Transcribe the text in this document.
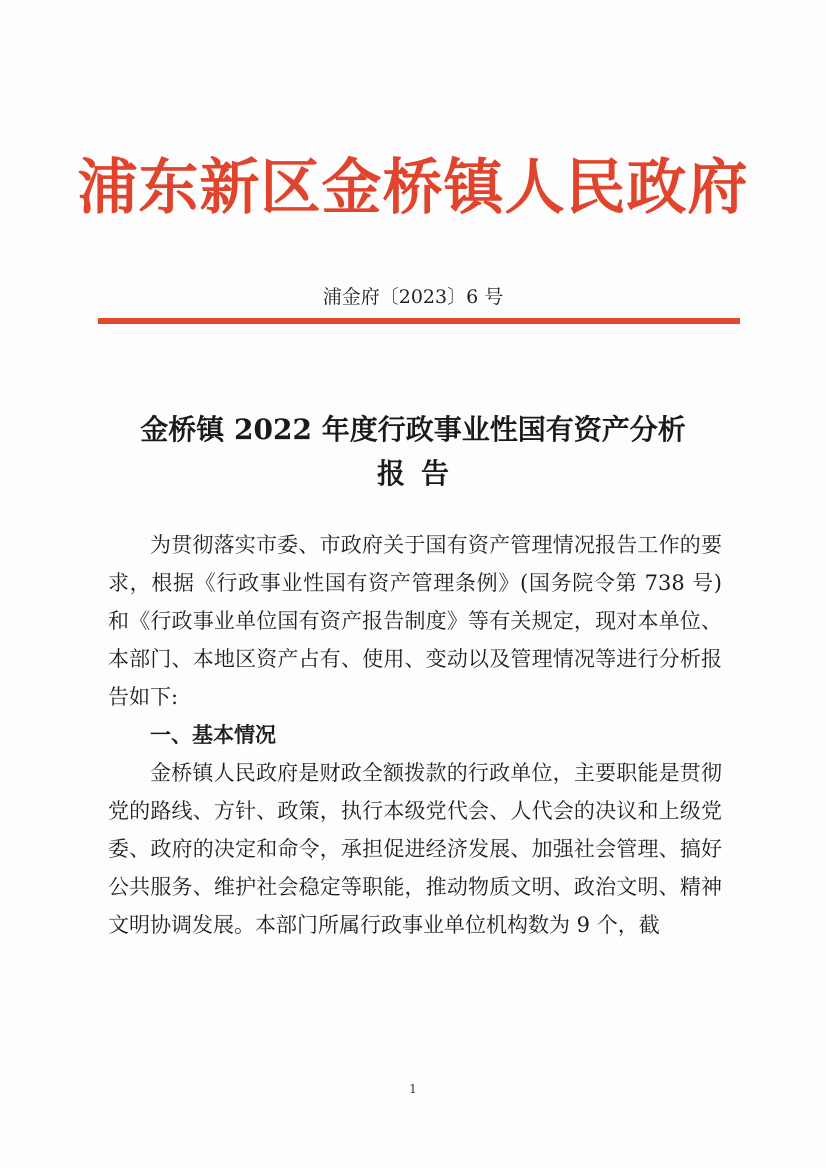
浦东新区金桥镇人民政府
浦金府〔2023〕6 号
金桥镇 2022 年度行政事业性国有资产分析
报告

为贯彻落实市委、市政府关于国有资产管理情况报告工作的要求，根据《行政事业性国有资产管理条例》(国务院令第 738 号) 和《行政事业单位国有资产报告制度》等有关规定，现对本单位、本部门、本地区资产占有、使用、变动以及管理情况等进行分析报告如下:

一、基本情况

金桥镇人民政府是财政全额拨款的行政单位，主要职能是贯彻党的路线、方针、政策，执行本级党代会、人代会的决议和上级党委、政府的决定和命令，承担促进经济发展、加强社会管理、搞好公共服务、维护社会稳定等职能，推动物质文明、政治文明、精神文明协调发展。本部门所属行政事业单位机构数为 9 个，截

1
